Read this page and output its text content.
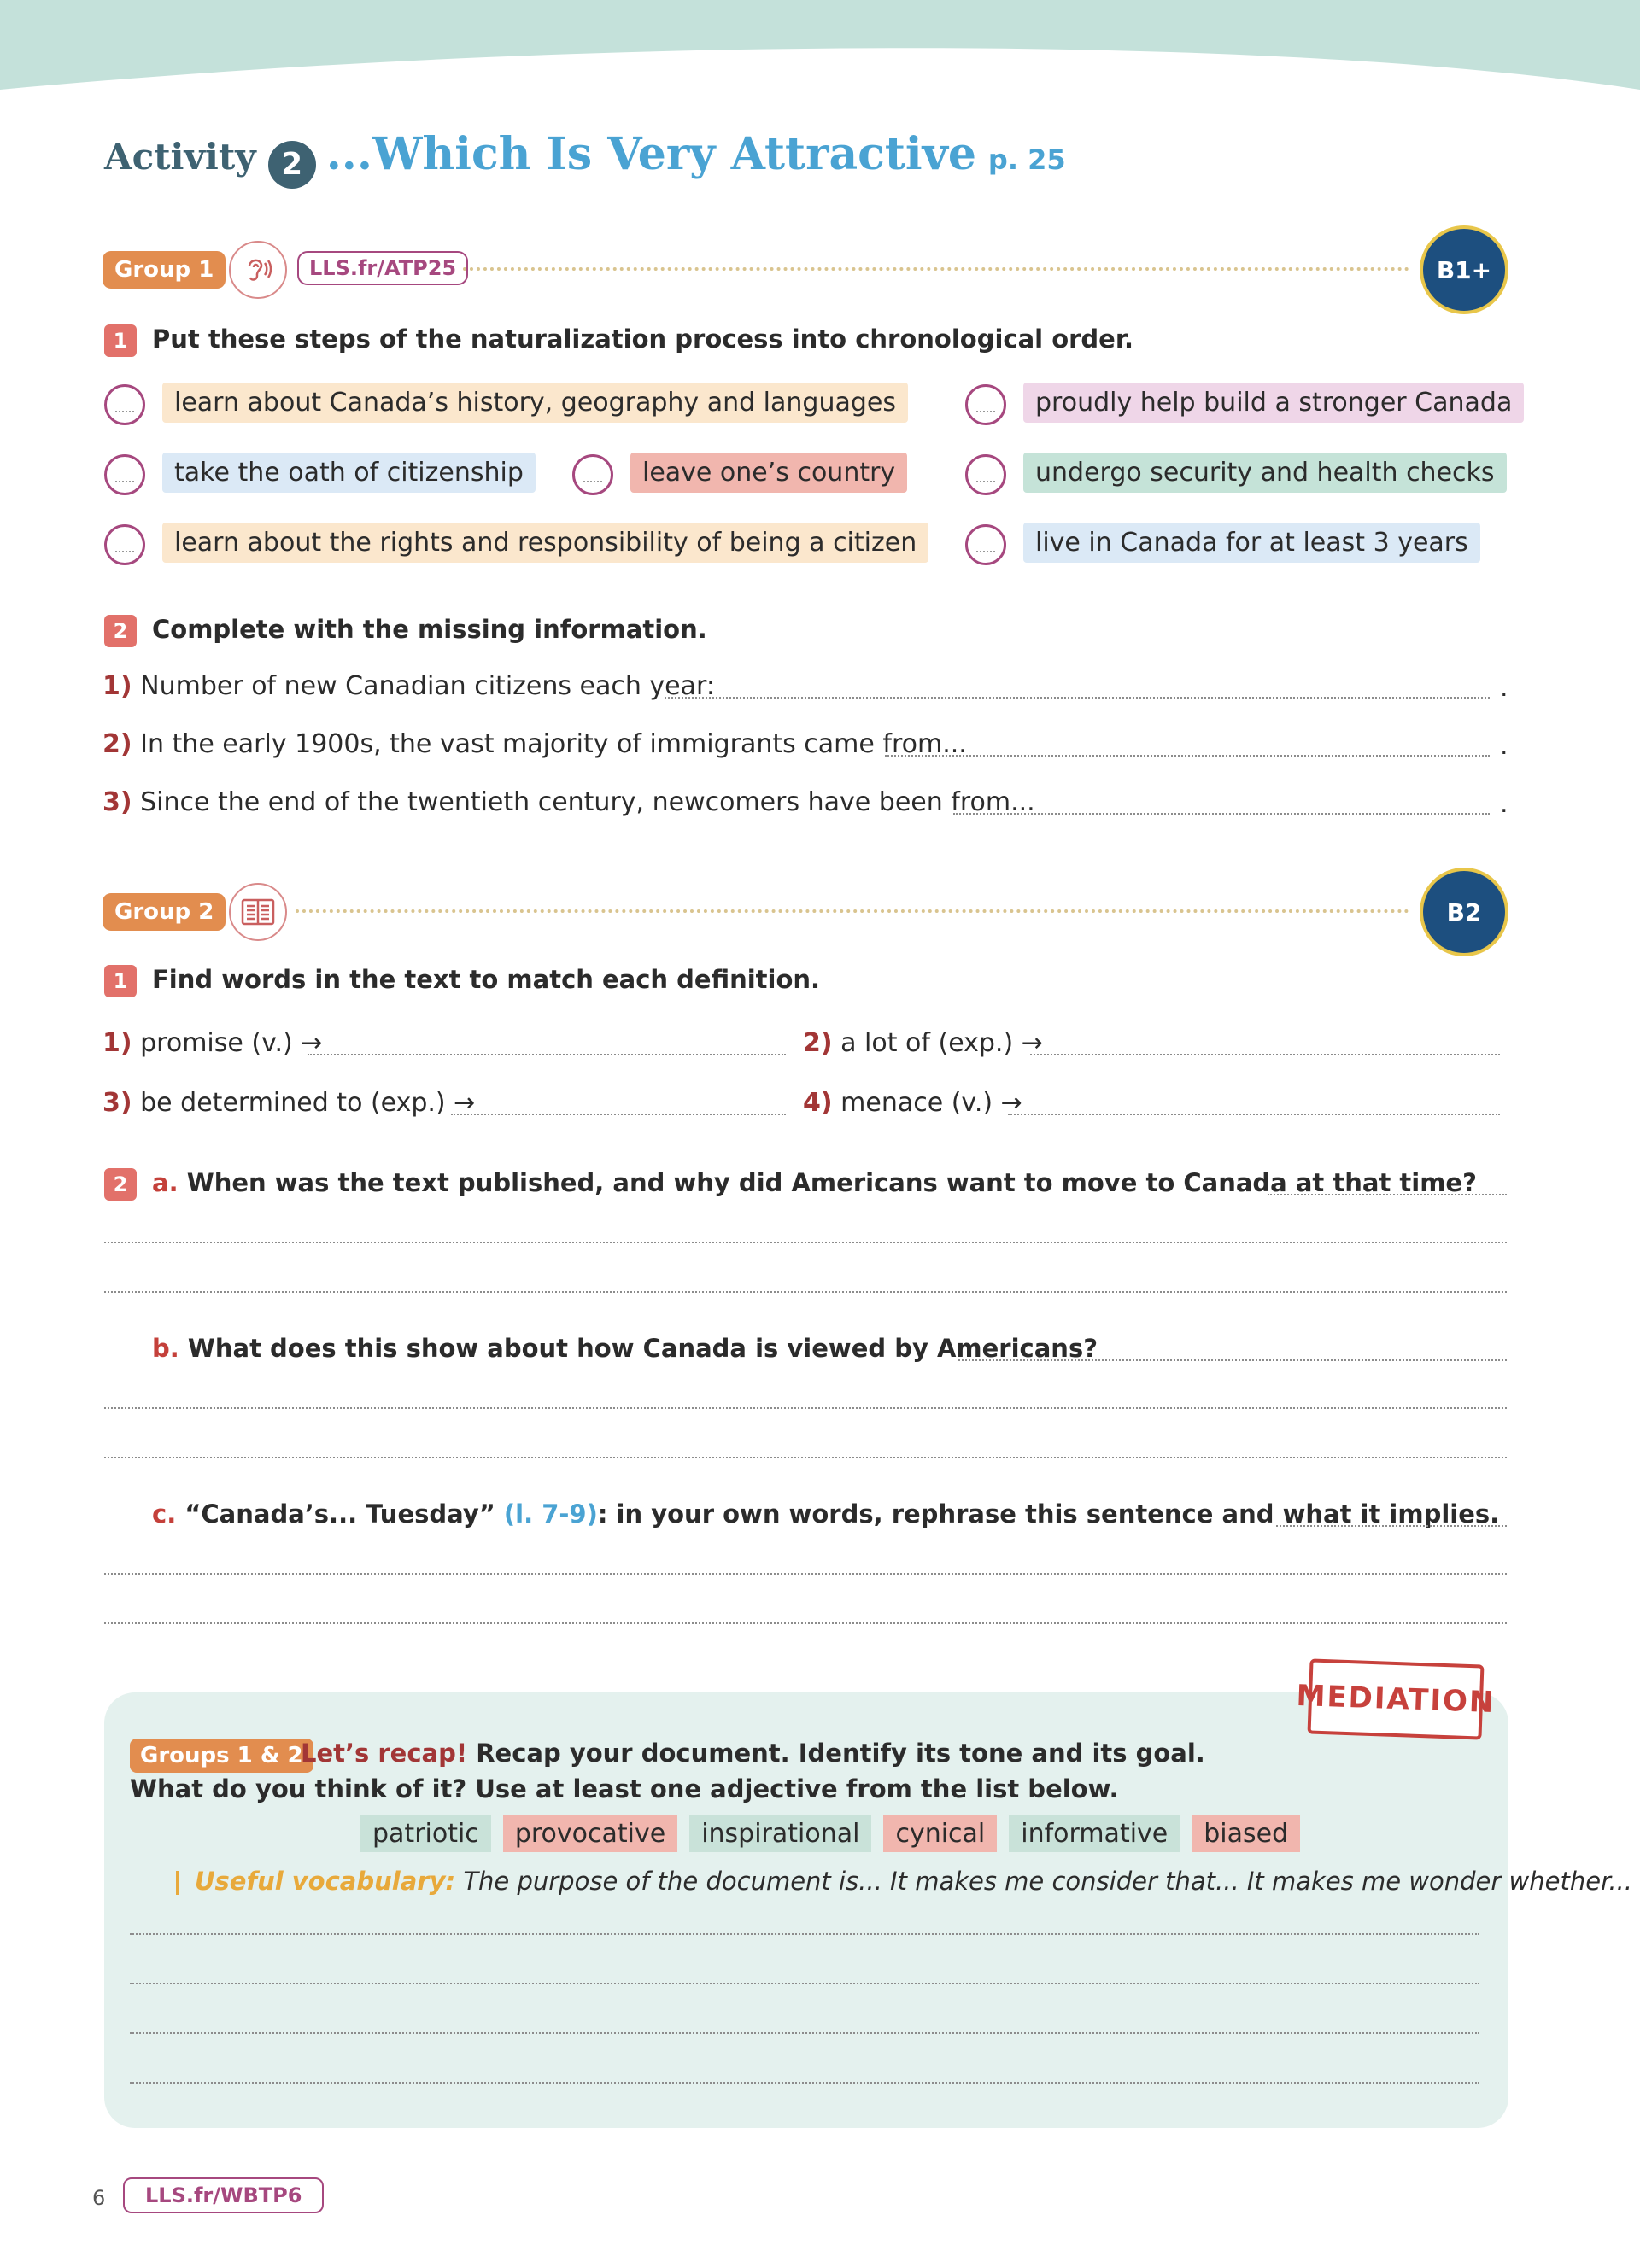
Activity 2 ...Which Is Very Attractive p. 25
Group 1	LLS.fr/ATP25	B1+
1 Put these steps of the naturalization process into chronological order.
learn about Canada’s history, geography and languages	proudly help build a stronger Canada
take the oath of citizenship	leave one’s country	undergo security and health checks
learn about the rights and responsibility of being a citizen	live in Canada for at least 3 years
2 Complete with the missing information.
1) Number of new Canadian citizens each year:	.
2) In the early 1900s, the vast majority of immigrants came from...	.
3) Since the end of the twentieth century, newcomers have been from...	.
Group 2	B2
1 Find words in the text to match each definition.
1) promise (v.) →	2) a lot of (exp.) →
3) be determined to (exp.) →	4) menace (v.) →
2 a. When was the text published, and why did Americans want to move to Canada at that time?
b. What does this show about how Canada is viewed by Americans?
c. “Canada’s... Tuesday” (l. 7-9): in your own words, rephrase this sentence and what it implies.
MEDIATION
Groups 1 & 2
Let’s recap! Recap your document. Identify its tone and its goal.
What do you think of it? Use at least one adjective from the list below.
patriotic	provocative	inspirational	cynical	informative	biased
Useful vocabulary: The purpose of the document is... It makes me consider that... It makes me wonder whether...
6	LLS.fr/WBTP6
